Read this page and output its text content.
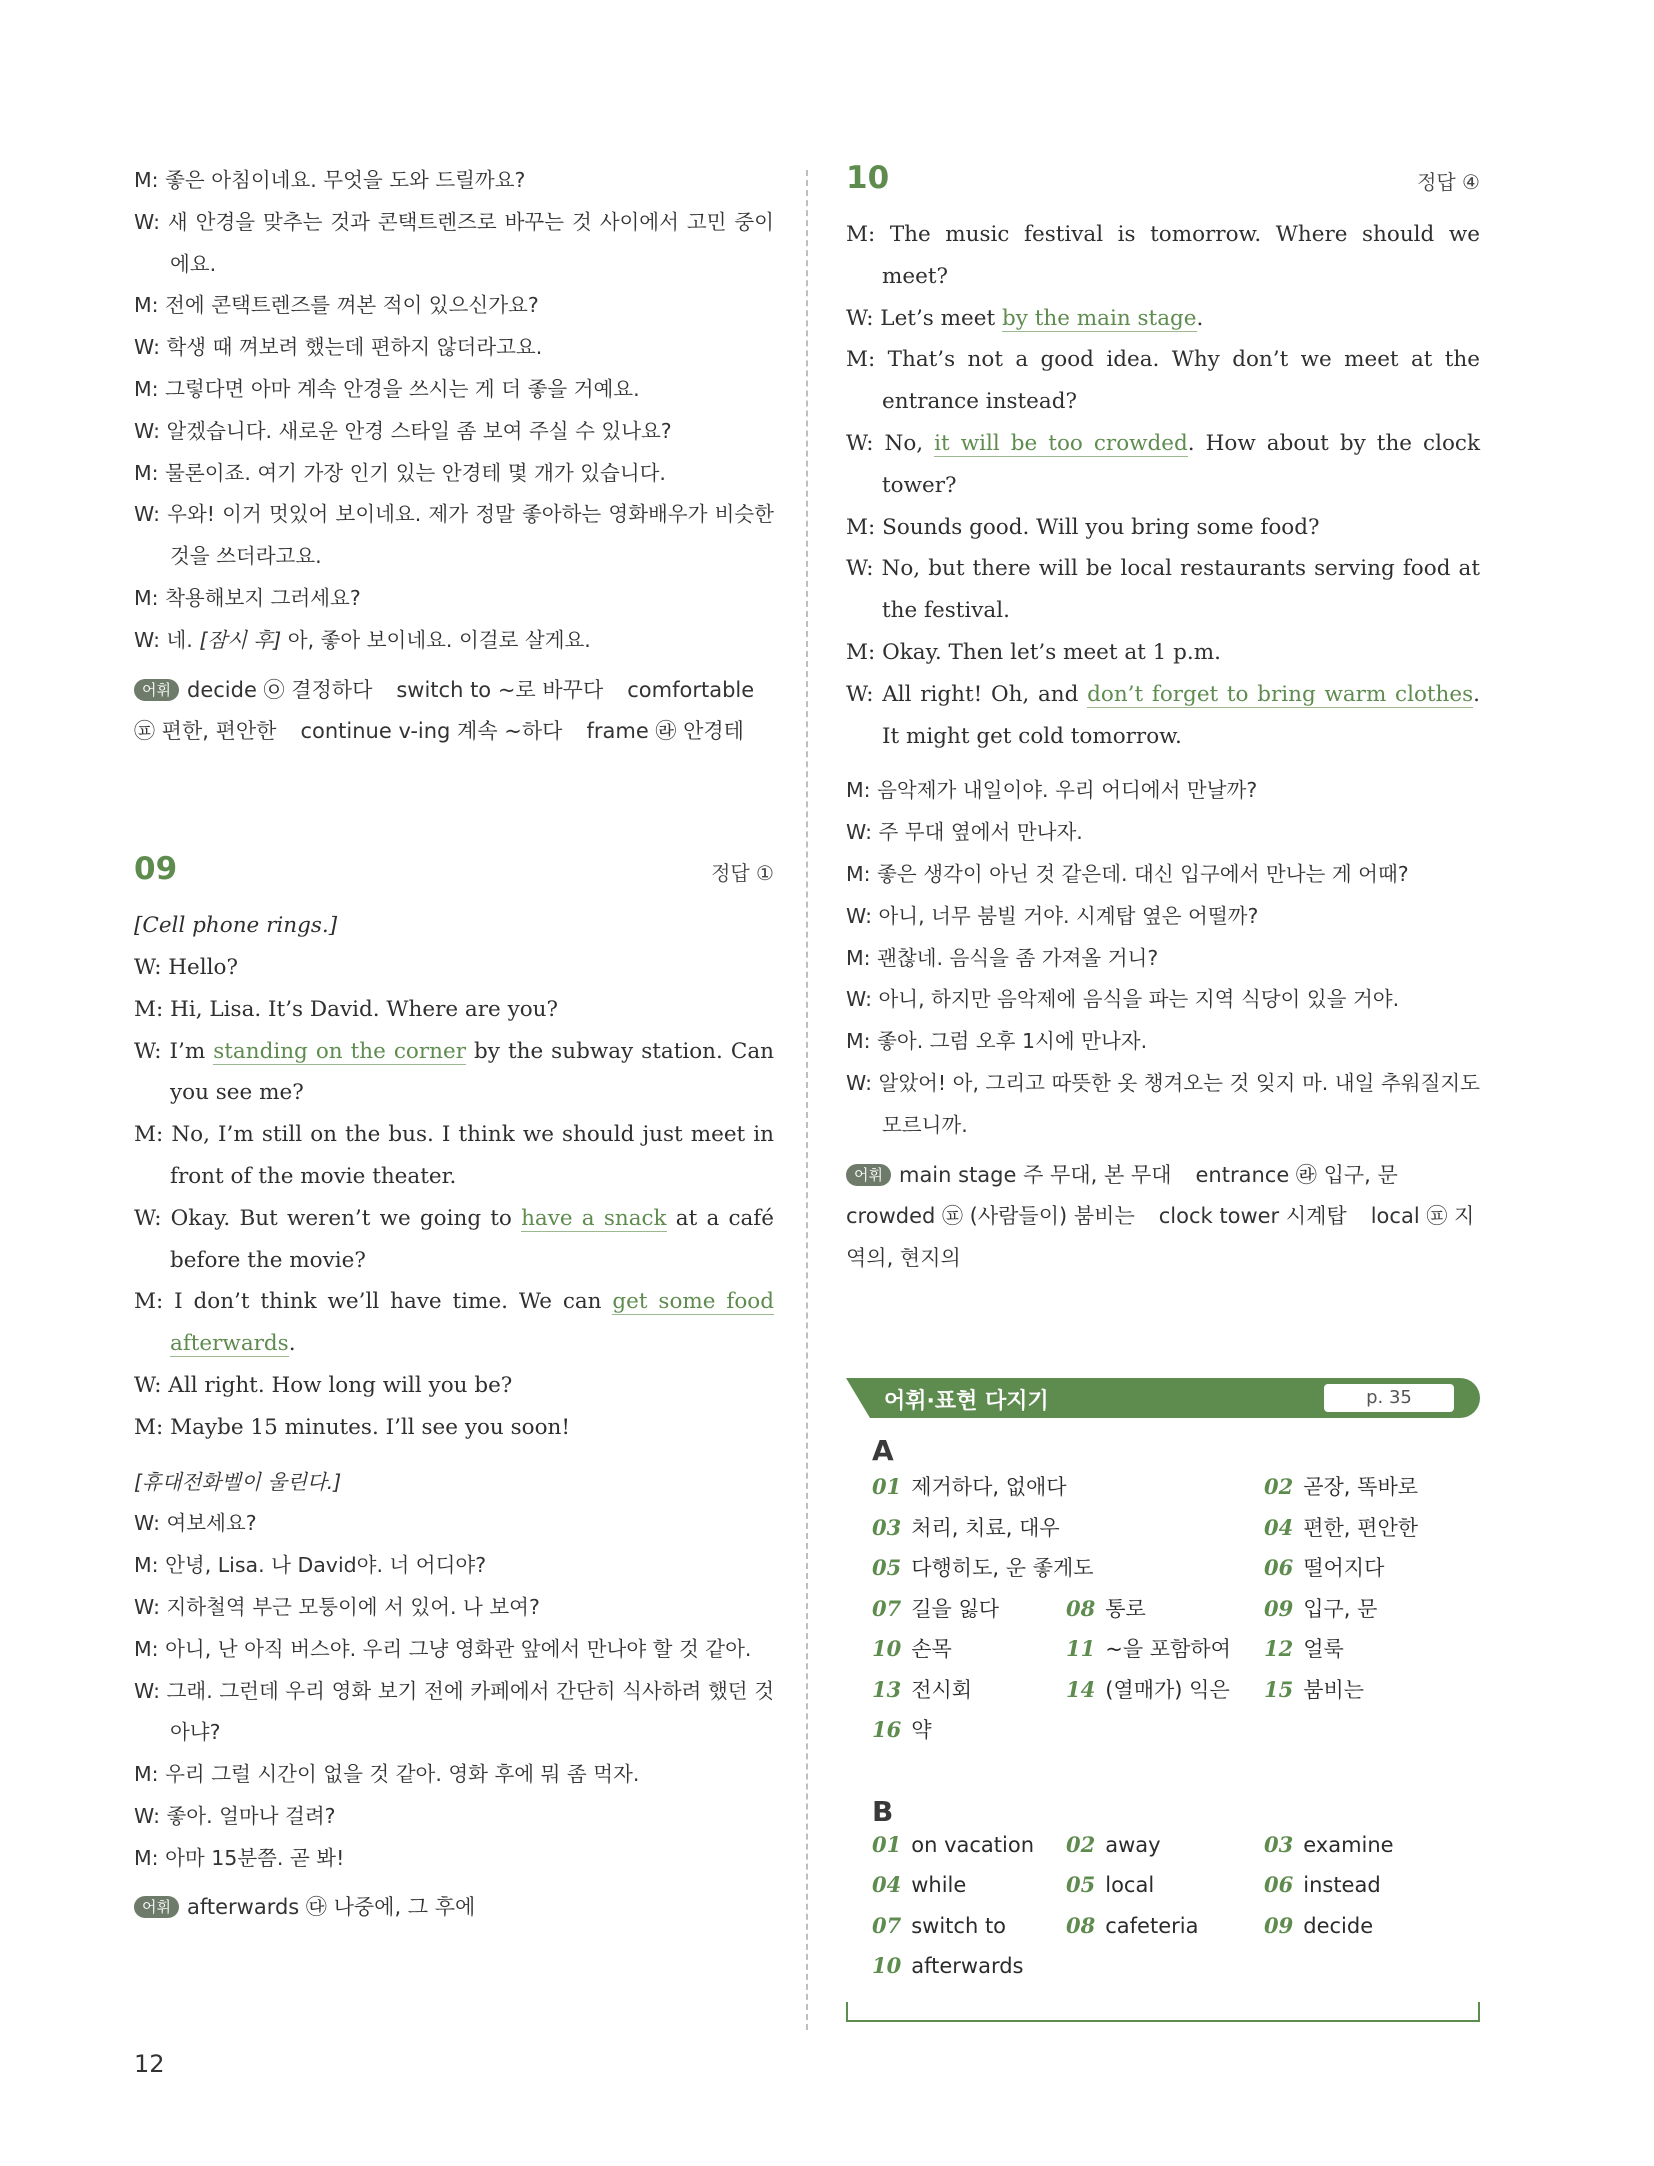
M: 좋은 아침이네요. 무엇을 도와 드릴까요?
W: 새 안경을 맞추는 것과 콘택트렌즈로 바꾸는 것 사이에서 고민 중이에요.
M: 전에 콘택트렌즈를 껴본 적이 있으신가요?
W: 학생 때 껴보려 했는데 편하지 않더라고요.
M: 그렇다면 아마 계속 안경을 쓰시는 게 더 좋을 거예요.
W: 알겠습니다. 새로운 안경 스타일 좀 보여 주실 수 있나요?
M: 물론이죠. 여기 가장 인기 있는 안경테 몇 개가 있습니다.
W: 우와! 이거 멋있어 보이네요. 제가 정말 좋아하는 영화배우가 비슷한 것을 쓰더라고요.
M: 착용해보지 그러세요?
W: 네. [잠시 후] 아, 좋아 보이네요. 이걸로 살게요.
어휘 decide ㉧ 결정하다 switch to ~로 바꾸다 comfortable ㉬ 편한, 편안한 continue v-ing 계속 ~하다 frame ㉱ 안경테
09	정답 ①
[Cell phone rings.]
W: Hello?
M: Hi, Lisa. It’s David. Where are you?
W: I’m standing on the corner by the subway station. Can you see me?
M: No, I’m still on the bus. I think we should just meet in front of the movie theater.
W: Okay. But weren’t we going to have a snack at a café before the movie?
M: I don’t think we’ll have time. We can get some food afterwards.
W: All right. How long will you be?
M: Maybe 15 minutes. I’ll see you soon!
[휴대전화벨이 울린다.]
W: 여보세요?
M: 안녕, Lisa. 나 David야. 너 어디야?
W: 지하철역 부근 모퉁이에 서 있어. 나 보여?
M: 아니, 난 아직 버스야. 우리 그냥 영화관 앞에서 만나야 할 것 같아.
W: 그래. 그런데 우리 영화 보기 전에 카페에서 간단히 식사하려 했던 것 아냐?
M: 우리 그럴 시간이 없을 것 같아. 영화 후에 뭐 좀 먹자.
W: 좋아. 얼마나 걸려?
M: 아마 15분쯤. 곧 봐!
어휘 afterwards ㉰ 나중에, 그 후에
10	정답 ④
M: The music festival is tomorrow. Where should we meet?
W: Let’s meet by the main stage.
M: That’s not a good idea. Why don’t we meet at the entrance instead?
W: No, it will be too crowded. How about by the clock tower?
M: Sounds good. Will you bring some food?
W: No, but there will be local restaurants serving food at the festival.
M: Okay. Then let’s meet at 1 p.m.
W: All right! Oh, and don’t forget to bring warm clothes. It might get cold tomorrow.
M: 음악제가 내일이야. 우리 어디에서 만날까?
W: 주 무대 옆에서 만나자.
M: 좋은 생각이 아닌 것 같은데. 대신 입구에서 만나는 게 어때?
W: 아니, 너무 붐빌 거야. 시계탑 옆은 어떨까?
M: 괜찮네. 음식을 좀 가져올 거니?
W: 아니, 하지만 음악제에 음식을 파는 지역 식당이 있을 거야.
M: 좋아. 그럼 오후 1시에 만나자.
W: 알았어! 아, 그리고 따뜻한 옷 챙겨오는 것 잊지 마. 내일 추워질지도 모르니까.
어휘 main stage 주 무대, 본 무대 entrance ㉱ 입구, 문crowded ㉬ (사람들이) 붐비는 clock tower 시계탑 local ㉬ 지역의, 현지의
어휘·표현 다지기	p. 35
A
01 제거하다, 없애다	02 곧장, 똑바로
03 처리, 치료, 대우	04 편한, 편안한
05 다행히도, 운 좋게도	06 떨어지다
07 길을 잃다	08 통로	09 입구, 문
10 손목	11 ~을 포함하여 12 얼룩
13 전시회	14 (열매가) 익은 15 붐비는
16 약
B
01 on vacation 02 away	03 examine
04 while	05 local	06 instead
07 switch to	08 cafeteria	09 decide
10 afterwards
12
